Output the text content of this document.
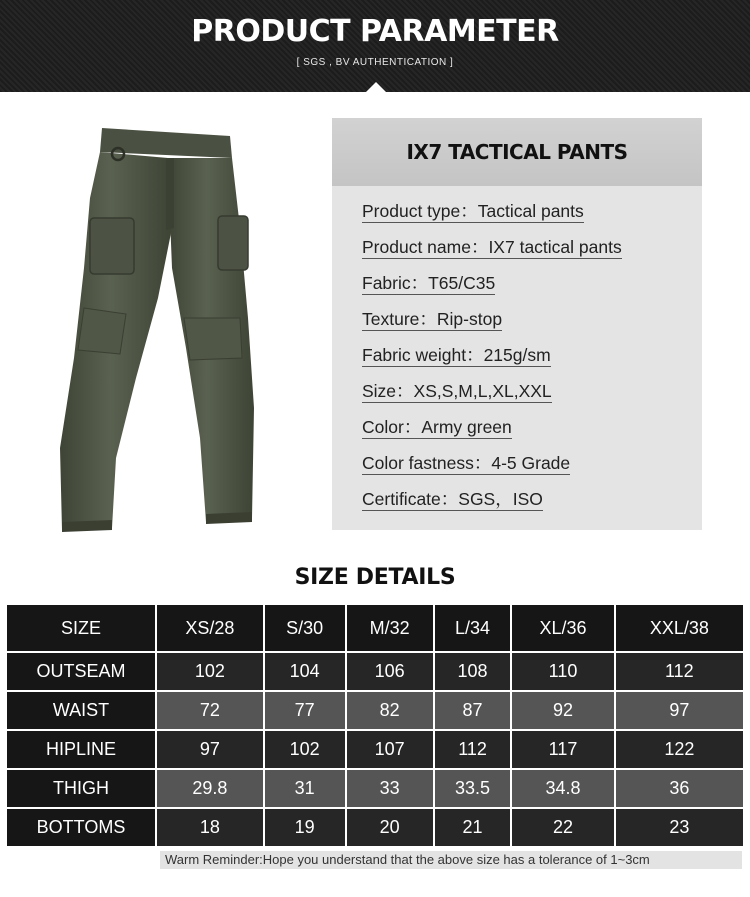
PRODUCT PARAMETER
[ SGS , BV AUTHENTICATION ]
IX7 TACTICAL PANTS
Product type：Tactical pants
Product name：IX7 tactical pants
Fabric：T65/C35
Texture：Rip-stop
Fabric weight：215g/sm
Size：XS,S,M,L,XL,XXL
Color：Army green
Color fastness：4-5 Grade
Certificate：SGS，ISO
SIZE DETAILS
SIZE	XS/28	S/30	M/32	L/34	XL/36	XXL/38
OUTSEAM	102	104	106	108	110	112
WAIST	72	77	82	87	92	97
HIPLINE	97	102	107	112	117	122
THIGH	29.8	31	33	33.5	34.8	36
BOTTOMS	18	19	20	21	22	23
Warm Reminder:Hope you understand that the above size has a tolerance of 1~3cm
